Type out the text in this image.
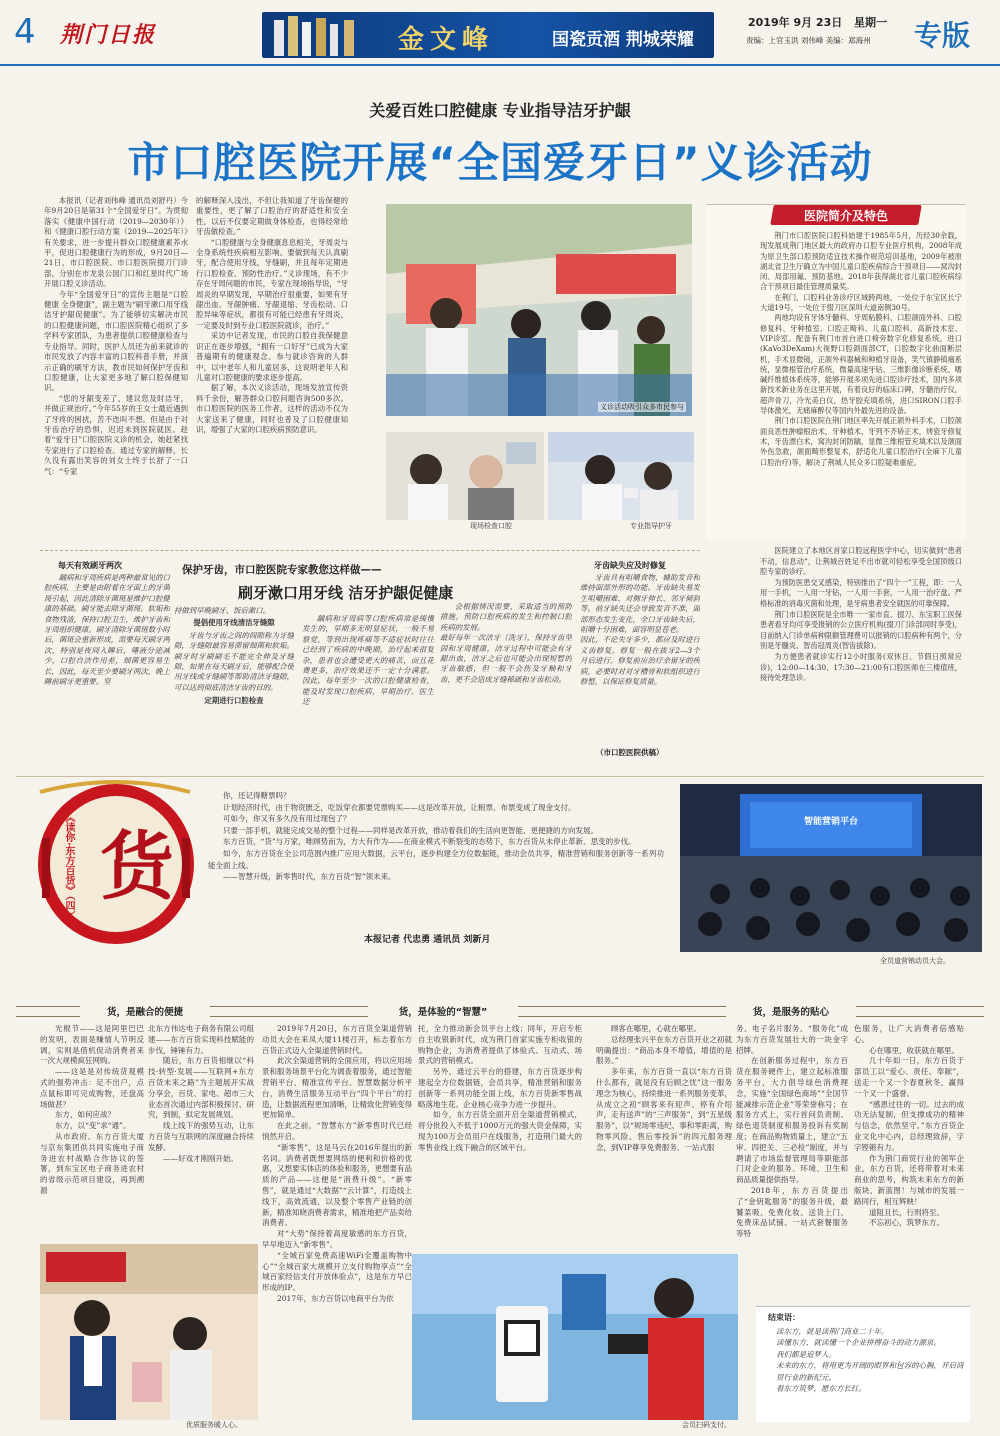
4 荆门日报	金文峰	国瓷贡酒 荆城荣耀
2019年 9月 23日 星期一
责编：上官玉洪 刘伟峰 美编：郑海州 专版
关爱百姓口腔健康 专业指导洁牙护龈
市口腔医院开展“全国爱牙日”义诊活动

本报讯（记者刘伟峰 通讯员刘舒丹）今年9月20日是第31个“全国爱牙日”。为贯彻落实《健康中国行动（2019—2030年）》和《健康口腔行动方案（2019—2025年）》有关要求，进一步提升群众口腔健康素养水平，促进口腔健康行为的形成，9月20日—21日，市口腔医院、市口腔医院掇刀门诊部，分别在市龙泉公园门口和红星时代广场开展口腔义诊活动。

今年“全国爱牙日”的宣传主题是“口腔健康 全身健康”，副主题为“刷牙漱口用牙线 洁牙护龈促健康”。为了能够切实解决市民的口腔健康问题，市口腔医院精心组织了多学科专家团队，为患者提供口腔健康检查与专业指导。同时，医护人员还为前来就诊的市民发放了内容丰富的口腔科普手册，并演示正确的刷牙方法，教市民如何保护牙齿和口腔健康，让大家更多地了解口腔保健知识。

“您的牙龈变差了，建议您及时洁牙，并做正规治疗。”今年55岁的王女士最近遇到了牙疼的困扰，苦不迭叫不想。但是由于对牙齿治疗的恐惧，迟迟未到医院就医。趁着“爱牙日”口腔医院义诊的机会，她赶紧找专家进行了口腔检查。通过专家的解释，长久没有露出笑容的刘女士终于长舒了一口气：“专家

的解释深入浅出，不但让我知道了牙齿保健的重要性，更了解了口腔治疗的舒适性和安全性，以后不仅要定期做身体检查，也得经常给牙齿做检查。”

“口腔健康与全身健康息息相关，牙周炎与全身系统性疾病相互影响。要做到每天认真刷牙，配合使用牙线，牙缝刷，并且每年定期进行口腔检查、预防性治疗。”义诊现场，有不少存在牙周问题的市民，专家在现场指导说，“牙周炎的早期发现，早期治疗很重要，如果有牙龈出血、牙龈肿痛、牙龈退缩、牙齿松动、口腔异味等症状，都很有可能已经患有牙周炎，一定要及时到专业口腔医院就诊，治疗。”

采访中记者发现，市民的口腔自我保健意识正在逐步增强，“拥有一口好牙”已成为大家普遍期有的健康观念。参与就诊咨询的人群中，以中老年人和儿童居多，这说明老年人和儿童对口腔健康的要求逐步提高。

据了解，本次义诊活动，现场发放宣传资料千余份，解答群众口腔问题咨询500多次。市口腔医院的医务工作者，这样的活动不仅为大家送来了健康，同时也普及了口腔健康知识，增强了大家的口腔疾病预防意识。

义诊活动吸引众多市民参与
现场检查口腔	专业指导护牙
医院简介及特色

荆门市口腔医院口腔科始建于1985年5月，历经30余载，现发展成荆门地区最大的政府办口腔专业医疗机构，2008年成为原卫生部口腔预防适宜技术操作规范培训基地，2009年被原湖北省卫生厅确立为中国儿童口腔疾病综合干预项目——窝沟封闭、局部用氟、预防基地。2018年获得湖北省儿童口腔疾病综合干预项目最佳管理质量奖。

在荆门，口腔科业务诊疗区域跨两地，一处位于东宝区长宁大道19号，一处位于掇刀区深圳大道南侧30号。

两地均设有牙体牙髓科、牙周粘膜科、口腔颌面外科、口腔修复科、牙种植室、口腔正畸科、儿童口腔科、高新技术室、VIP诊室。配备有荆门市首台进口椅旁数字化修复系统，进口(KaVo3DeXam)大视野口腔颌面部CT，口腔数字化曲面断层机，手术显微镜，正颌外科器械和种植牙设备，笑气镇静镇痛系统，显微根管治疗系统，微量高速牙钻、三维影像诊断系统、嗜碱纤维植体系统等，能够开展多项先进口腔诊疗技术，国内多项新技术新业务在这里开展，有着良好的临床口碑，牙髓治疗仪，超声骨刀，冷光美白仪，热牙胶充填系统，进口SIRON口腔手导体激光，无痛麻醉仪等国内外最先进的设备。

荆门市口腔医院在荆门地区率先开展正颌外科手术，口腔颌面良恶性肿瘤根治术，牙种植术，牙列不齐矫正术，烤瓷牙修复术，牙齿漂白术，窝沟封闭防龋，显微三维根管充填术以及颌面外伤急救，颌面畸形整复术，舒适化儿童口腔治疗(全麻下儿童口腔治疗)等，解决了荆城人民众多口腔疑难重症。

医院建立了本地区首家口腔远程医学中心，切实做到“患者不动，信息动”，让荆城百姓足不出市就可轻松享受全国顶级口腔专家的诊疗。

为预防医患交叉感染，特别推出了“四个一”工程，即：一人用一手机，一人用一牙钻，一人用一手套，一人用一治疗盘。严格标准的消毒灭菌和处理，是牙病患者安全就医的可靠保障。

荆门市口腔医院是全市唯一一家市直、掇刀、东宝职工医保患者看牙均可享受报销的公立医疗机构(掇刀门诊部同时享受)，目前纳入门诊单病种限额管理费可以报销的口腔病种有两个，分别是牙髓炎、智齿冠周炎(智齿拔除)。

为方便患者就诊实行12小时服务(双休日、节假日照常应诊)，12:00—14:30、17:30—21:00有口腔医师在三楼值班，接待处理急诊。

每天有效刷牙两次
龋病和牙周疾病是两种最常见的口腔疾病，主要是由附着在牙面上的牙菌斑引起，因此清除牙菌斑是维护口腔健康的基础。刷牙能去除牙菌斑、软垢和食物残渣，保持口腔卫生，维护牙齿和牙周组织健康。刷牙清除牙菌斑数小时后，菌斑会重新形成，需要每天刷牙两次，特别是夜间入睡后，唾液分泌减少，口腔自洁作用差，细菌更容易生长，因此，每天至少要刷牙两次，晚上睡前刷牙更重要。坚
保护牙齿，市口腔医院专家教您这样做——
刷牙漱口用牙线 洁牙护龈促健康
持做到早晚刷牙、饭后漱口。
提倡使用牙线清洁牙缝隙

牙齿与牙齿之间的间隙称为牙缝隙，牙缝隙最容易滞留细菌和软垢。刷牙时牙刷刷毛不能完全伸及牙缝隙，如果在每天刷牙后，能够配合使用牙线或牙缝刷等帮助清洁牙缝隙，可以达到彻底清洁牙齿的目的。

定期进行口腔检查
龋病和牙周病等口腔疾病常是缓慢发生的，早期多无明显症状，一般不易察觉，等到出现疼痛等不适症状时往往已经到了疾病的中晚期，治疗起来很复杂，患者也会遭受更大的痛苦，而且花费更多，治疗效果还不一定十分满意。因此，每年至少一次的口腔健康检查，能及时发现口腔疾病，早期治疗。医生还
会根据情况需要，采取适当的预防措施，预防口腔疾病的发生和控制口腔疾病的发展。
最好每年一次洁牙（洗牙），保持牙齿坚固和牙周健康，洁牙过程中可能会有牙龈出血，洁牙之后也可能会出现短暂的牙齿敏感，但一般不会伤及牙釉和牙齿，更不会造成牙缝稀疏和牙齿松动。
牙齿缺失应及时修复
牙齿具有咀嚼食物、辅助发音和维持面部外形的功能。牙齿缺失易发生咀嚼困难、对侧牙伸长、邻牙倾斜等。前牙缺失还会导致发音不准，面部形态发生变化，全口牙齿缺失后，咀嚼十分困难，面容明显苍老。
因此，不论失牙多少，都应及时进行义齿修复。修复一般在拔牙2—3个月后进行。修复前应治疗余留牙的疾病，必要时对对牙槽骨和软组织进行修整，以保证修复质量。
（市口腔医院供稿）
《读你·东方百货》（四） 货
你，还记得糖票吗？
计划经济时代，由于物资匮乏，吃饭穿衣都要凭票购买——这是改革开放，让粮票、布票变成了现金支付。
可如今，你又有多久没有用过现包了？
只要一部手机，就能完成交易的整个过程——同样是改革开放，推动着我们的生活向更智能、更便捷的方向发展。
东方百货，“货”与万家，唯顾势而为，方大有作为——在商业模式不断裂变的态势下，东方百货从未停止革新、思变的步伐。
如今，东方百货在全公司范围内推广应用大数据，云平台，逐步构建全方位数据链，推动会员共享，精准营销和服务创新等一系列功能全面上线。
——智慧升级，新零售时代，东方百货“智”领未来。
本报记者 代忠勇 通讯员 刘新月
智能营销平台
全员道营销动员大会。
货，是融合的便捷	货，是体验的“智慧”	货，是服务的贴心

光棍节——这是阿里巴巴的发明，表面是赚情人节明反调，实则是借机促动消费者来一次大规模疯狂网购。

——这是是对传统货观模式的强势冲击：足不出户，点点鼠标即可完成购物，还盘高场做甚？

东方，如何应战？

东方，以“变”求“通”。

从市政府、东方百货大厦与京东集团供共同实施电子商务进农村战略合作协议的签署，到东宝区电子商务进农村的省级示范项目建设，再到溯源

北东方伟达电子商务有限公司组建——东方百货实现科技赋能的步伐，锤锤有力。

随后，东方百货相继以“科技·转型·发展——互联网+东方百货未来之路”为主题展开实战分享会，百货、家电、超市三大业态首次通过内部积极探讨、研究，到制，拟定发展规划。

线上线下的强势互动，让东方百货与互联网的深度融合持续发酵。

——好戏才刚刚开始。

2019年7月20日，东方百货全渠道营销动员大会在来凤大厦11楼召开，标志着东方百货正式迈入全渠道营销时代。

此次全渠道营销的全面应用，将以应用场景和服务场景平台化为调查着服务，通过智能营销平台、精准宣传平台、智慧数据分析平台，消费生活服务互动平台“四个平台”的打造，让数据流程更加清晰，让精致化营销变得更加简单。

在此之前，“智慧东方”新零售时代已经悄然开启。

“新零售”，这是马云在2016年提出的新名词。消费者既想要网络的便利和价格的优惠，又想要实体店的体验和服务，更想要有品质的产品——这便是“消费升级”。“新零售”，就是通过“大数据”“云计算”，打造线上线下，高效流通，以及整个零售产业链的创新，精准知晓消费者需求，精准地把产品卖给消费者。

对“大势”保持着高度敏感的东方百货，早早地迈入“新零售”。

“全城百家免费高速WiFi全覆盖购物中心”“全城百家大规模开立支付购物享点”“全城百家经信支付开放体验点”，这是东方早已形成的IP。

2017年，东方百货以电商平台为依

托，全力推动新会员平台上线；同年，开启专柜自主收银新时代，成为荆门首家实施专柜收银的购物企业，为消费者提供了体验式、互动式、场景式的营销模式。

另外，通过云平台的搭建，东方百货逐步构建起全方位数据链，会员共享，精准营销和服务创新等一系列功能全面上线，东方百货新零售战略落地生花。企业核心竞争力进一步提升。

如今，东方百货全面开启全渠道营销模式，将分批投入不低于1000万元的强大资金保障，实现为100万会员用户在线服务，打造荆门最大的零售业线上线下融合的区域平台。

顾客在哪里，心就在哪里。

总经理张兴平在东方百货开业之初就明确提出：“商品本身不增值，增值的是服务。”

多年来，东方百货一直以“东方百货什么都有，就是没有后顾之忧”这一服务理念为核心，持续推进一系列服务变革，从成立之初“顾客来有迎声、停有介绍声，走有送声”的“三声服务”，到“五星级服务”，以“规场零违纪、事和零距离，购物零风险、售后零投诉”的四元服务理念，到VIP尊享免费服务、一站式服

务、电子名片服务、“服务化”成为东方百货发展壮大的一块金字招牌。

在创新服务过程中，东方百货在服务硬件上，建立起标准服务平台，大力倡导绿色消费理念，实施“全国绿色商场”“全国节能减排示范企业”等荣誉称号；在服务方式上，实行首问负责制、绿色退货制度和服务投诉有奖制度；在商品购物质量上，建立“五审、四把关、三必检”制度，并与聘请了市场监督管理局等职能部门对企业的服务、环境、卫生和商品质量提供指导。

2018年，东方百货提出了“金钥匙服务”的服务升级，最饕菜吸、免费化妆、送货上门、免费床品试铺、一站式套餐服务等特

色服务，让广大消费者倍感贴心。

心在哪里，收获就在哪里。

几十年如一日，东方百货于部员工以“爱心、责任、奉献”，送走一个又一个春夏秋冬，赢得一个又一个盛誉。

“感恩过往的一切。过去的成功无法复制，但支撑成功的精神与信念，依然坚守。”东方百货企业文化中心内，总经理致辞，字字铿锵有力。

作为荆门商贸行业的领军企业，东方百货，还将带着对未来商业的思考，构筑未来东方的新版块、新蓝图！与城市的发展一路同行，相互辉映！

道阻且长，行则将至。

不忘初心，筑梦东方。

优质服务暖人心。	会员扫码支付。
结束语：
读东方，就是读荆门商业二十年。
读懂东方，就读懂一个企业拼搏奋斗的动力源泉。
我们都是追梦人。
未来的东方，将用更为开阔的眼界和包容的心胸，开启商贸行业的新纪元。
看东方筑梦，愿东方长红。
